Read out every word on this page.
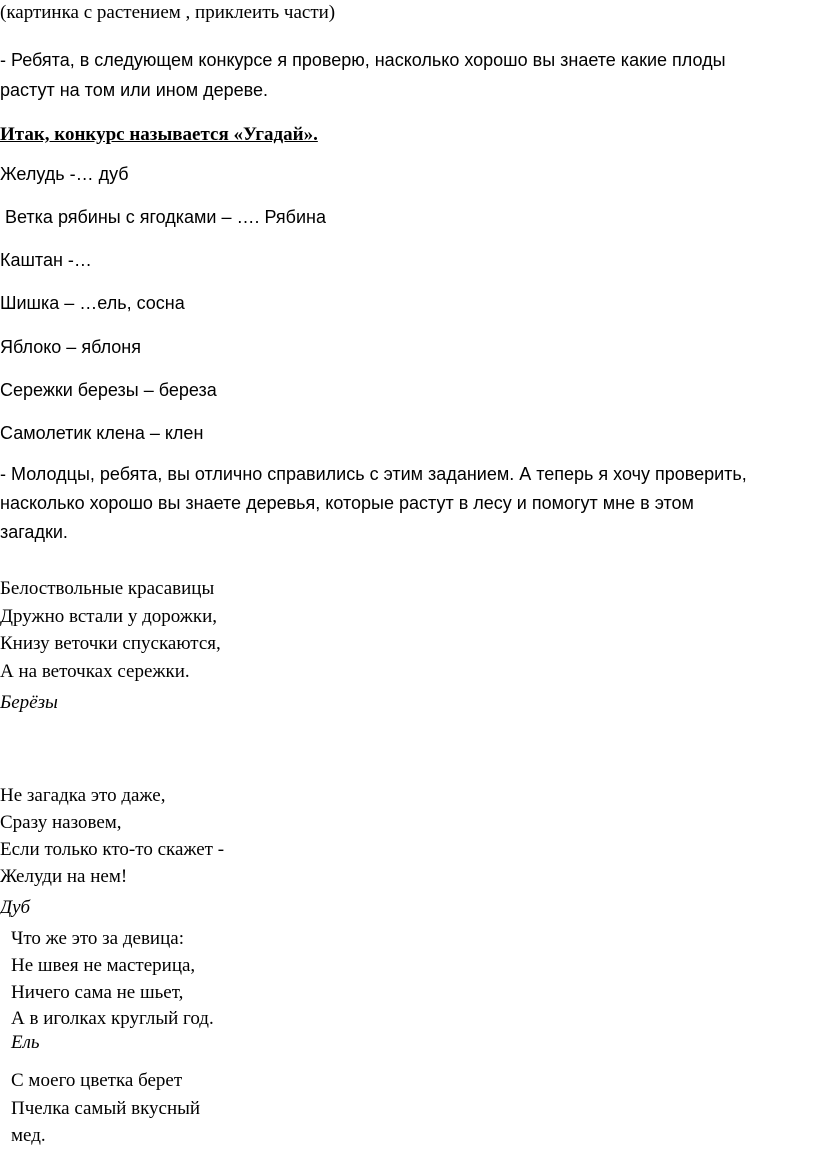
(картинка с растением , приклеить части)
- Ребята, в следующем конкурсе я проверю, насколько хорошо вы знаете какие плоды
растут на том или ином дереве.
Итак, конкурс называется «Угадай».
Желудь -… дуб
Ветка рябины с ягодками – …. Рябина
Каштан -…
Шишка – …ель, сосна
Яблоко – яблоня
Сережки березы – береза
Самолетик клена – клен
- Молодцы, ребята, вы отлично справились с этим заданием. А теперь я хочу проверить,
насколько хорошо вы знаете деревья, которые растут в лесу и помогут мне в этом
загадки.
Белоствольные красавицы
Дружно встали у дорожки,
Книзу веточки спускаются,
А на веточках сережки.
Берёзы
Не загадка это даже,
Сразу назовем,
Если только кто-то скажет -
Желуди на нем!
Дуб
Что же это за девица:
Не швея не мастерица,
Ничего сама не шьет,
А в иголках круглый год.
Ель
С моего цветка берет
Пчелка самый вкусный
мед.
